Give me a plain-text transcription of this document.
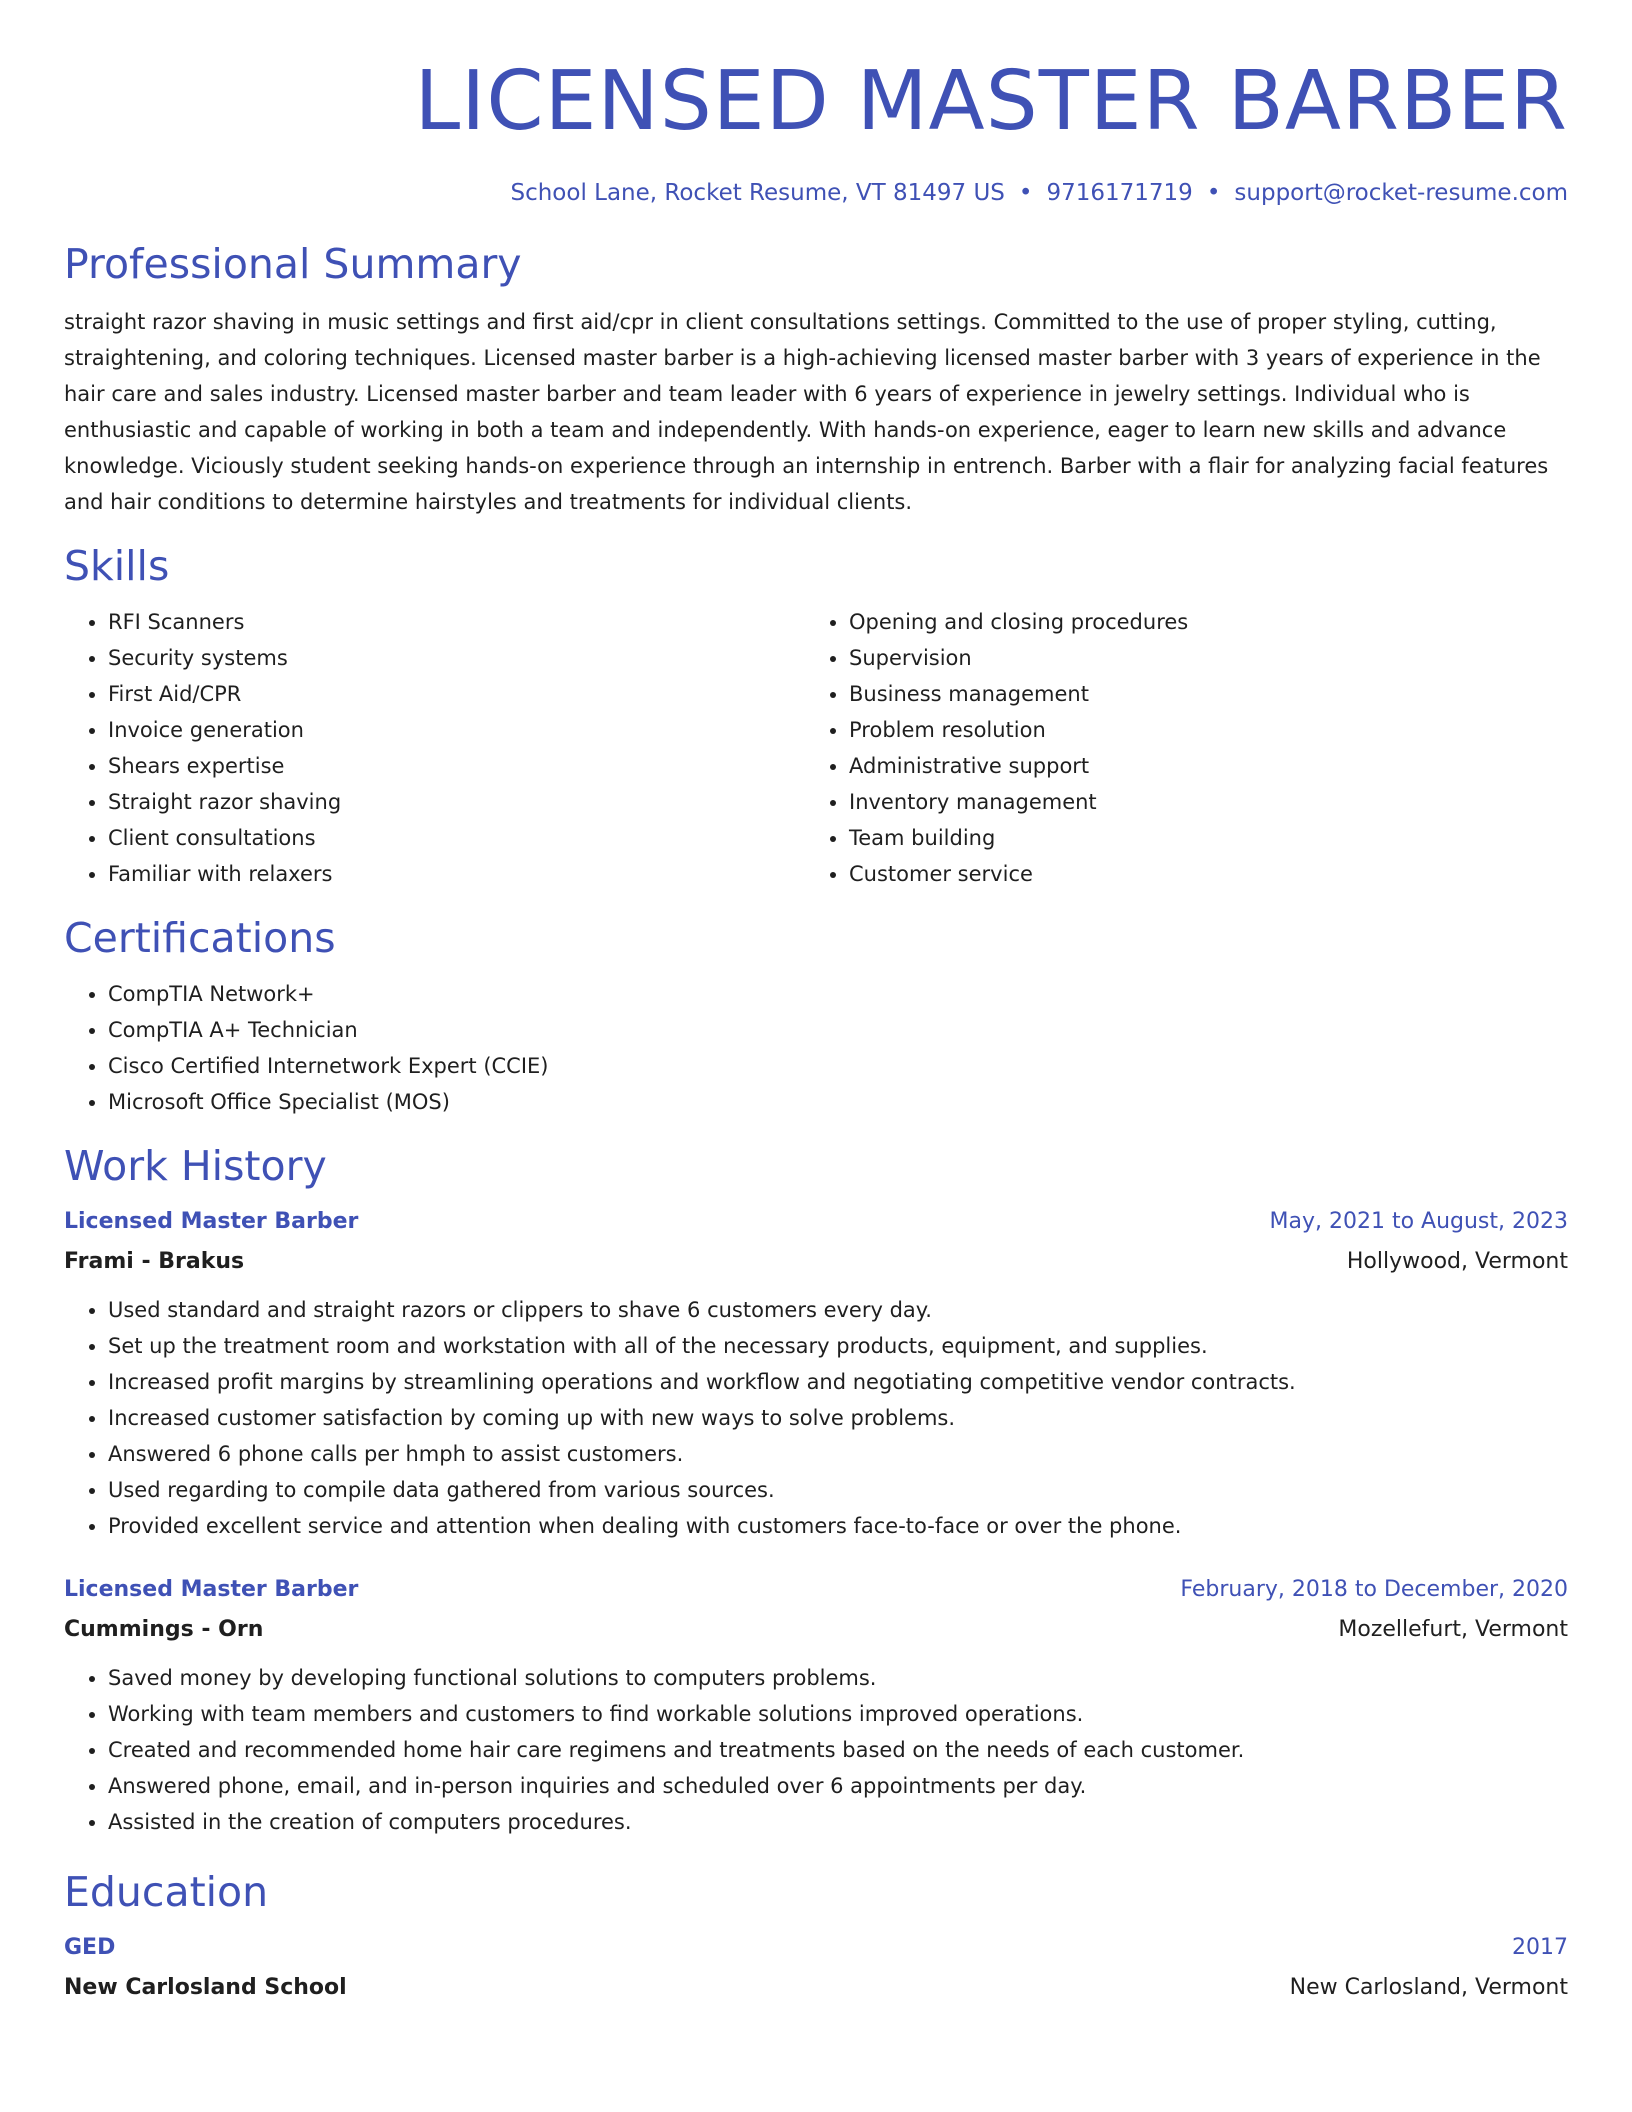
LICENSED MASTER BARBER
School Lane, Rocket Resume, VT 81497 US • 9716171719 • support@rocket-resume.com
Professional Summary

straight razor shaving in music settings and first aid/cpr in client consultations settings. Committed to the use of proper styling, cutting, straightening, and coloring techniques. Licensed master barber is a high-achieving licensed master barber with 3 years of experience in the hair care and sales industry. Licensed master barber and team leader with 6 years of experience in jewelry settings. Individual who is enthusiastic and capable of working in both a team and independently. With hands-on experience, eager to learn new skills and advance knowledge. Viciously student seeking hands-on experience through an internship in entrench. Barber with a flair for analyzing facial features and hair conditions to determine hairstyles and treatments for individual clients.

Skills
• RFI Scanners
• Security systems
• First Aid/CPR
• Invoice generation
• Shears expertise
• Straight razor shaving
• Client consultations
• Familiar with relaxers
• Opening and closing procedures
• Supervision
• Business management
• Problem resolution
• Administrative support
• Inventory management
• Team building
• Customer service
Certifications
• CompTIA Network+
• CompTIA A+ Technician
• Cisco Certified Internetwork Expert (CCIE)
• Microsoft Office Specialist (MOS)
Work History
Licensed Master Barber	May, 2021 to August, 2023
Frami - Brakus	Hollywood, Vermont
• Used standard and straight razors or clippers to shave 6 customers every day.
• Set up the treatment room and workstation with all of the necessary products, equipment, and supplies.
• Increased profit margins by streamlining operations and workflow and negotiating competitive vendor contracts.
• Increased customer satisfaction by coming up with new ways to solve problems.
• Answered 6 phone calls per hmph to assist customers.
• Used regarding to compile data gathered from various sources.
• Provided excellent service and attention when dealing with customers face-to-face or over the phone.
Licensed Master Barber	February, 2018 to December, 2020
Cummings - Orn	Mozellefurt, Vermont
• Saved money by developing functional solutions to computers problems.
• Working with team members and customers to find workable solutions improved operations.
• Created and recommended home hair care regimens and treatments based on the needs of each customer.
• Answered phone, email, and in-person inquiries and scheduled over 6 appointments per day.
• Assisted in the creation of computers procedures.
Education
GED	2017
New Carlosland School	New Carlosland, Vermont
